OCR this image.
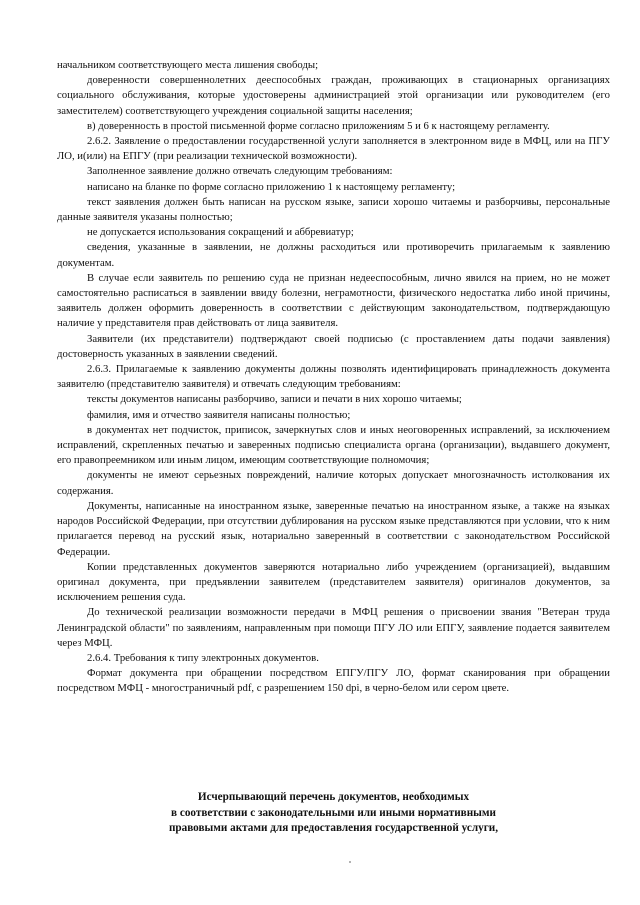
начальником соответствующего места лишения свободы;

доверенности совершеннолетних дееспособных граждан, проживающих в стационарных организациях социального обслуживания, которые удостоверены администрацией этой организации или руководителем (его заместителем) соответствующего учреждения социальной защиты населения;

в) доверенность в простой письменной форме согласно приложениям 5 и 6 к настоящему регламенту.

2.6.2. Заявление о предоставлении государственной услуги заполняется в электронном виде в МФЦ, или на ПГУ ЛО, и(или) на ЕПГУ (при реализации технической возможности).

Заполненное заявление должно отвечать следующим требованиям:

написано на бланке по форме согласно приложению 1 к настоящему регламенту;

текст заявления должен быть написан на русском языке, записи хорошо читаемы и разборчивы, персональные данные заявителя указаны полностью;

не допускается использования сокращений и аббревиатур;

сведения, указанные в заявлении, не должны расходиться или противоречить прилагаемым к заявлению документам.

В случае если заявитель по решению суда не признан недееспособным, лично явился на прием, но не может самостоятельно расписаться в заявлении ввиду болезни, неграмотности, физического недостатка либо иной причины, заявитель должен оформить доверенность в соответствии с действующим законодательством, подтверждающую наличие у представителя прав действовать от лица заявителя.

Заявители (их представители) подтверждают своей подписью (с проставлением даты подачи заявления) достоверность указанных в заявлении сведений.

2.6.3. Прилагаемые к заявлению документы должны позволять идентифицировать принадлежность документа заявителю (представителю заявителя) и отвечать следующим требованиям:

тексты документов написаны разборчиво, записи и печати в них хорошо читаемы;

фамилия, имя и отчество заявителя написаны полностью;

в документах нет подчисток, приписок, зачеркнутых слов и иных неоговоренных исправлений, за исключением исправлений, скрепленных печатью и заверенных подписью специалиста органа (организации), выдавшего документ, его правопреемником или иным лицом, имеющим соответствующие полномочия;

документы не имеют серьезных повреждений, наличие которых допускает многозначность истолкования их содержания.

Документы, написанные на иностранном языке, заверенные печатью на иностранном языке, а также на языках народов Российской Федерации, при отсутствии дублирования на русском языке представляются при условии, что к ним прилагается перевод на русский язык, нотариально заверенный в соответствии с законодательством Российской Федерации.

Копии представленных документов заверяются нотариально либо учреждением (организацией), выдавшим оригинал документа, при предъявлении заявителем (представителем заявителя) оригиналов документов, за исключением решения суда.

До технической реализации возможности передачи в МФЦ решения о присвоении звания "Ветеран труда Ленинградской области" по заявлениям, направленным при помощи ПГУ ЛО или ЕПГУ, заявление подается заявителем через МФЦ.

2.6.4. Требования к типу электронных документов.

Формат документа при обращении посредством ЕПГУ/ПГУ ЛО, формат сканирования при обращении посредством МФЦ - многостраничный pdf, с разрешением 150 dpi, в черно-белом или сером цвете.

Исчерпывающий перечень документов, необходимых
в соответствии с законодательными или иными нормативными
правовыми актами для предоставления государственной услуги,
